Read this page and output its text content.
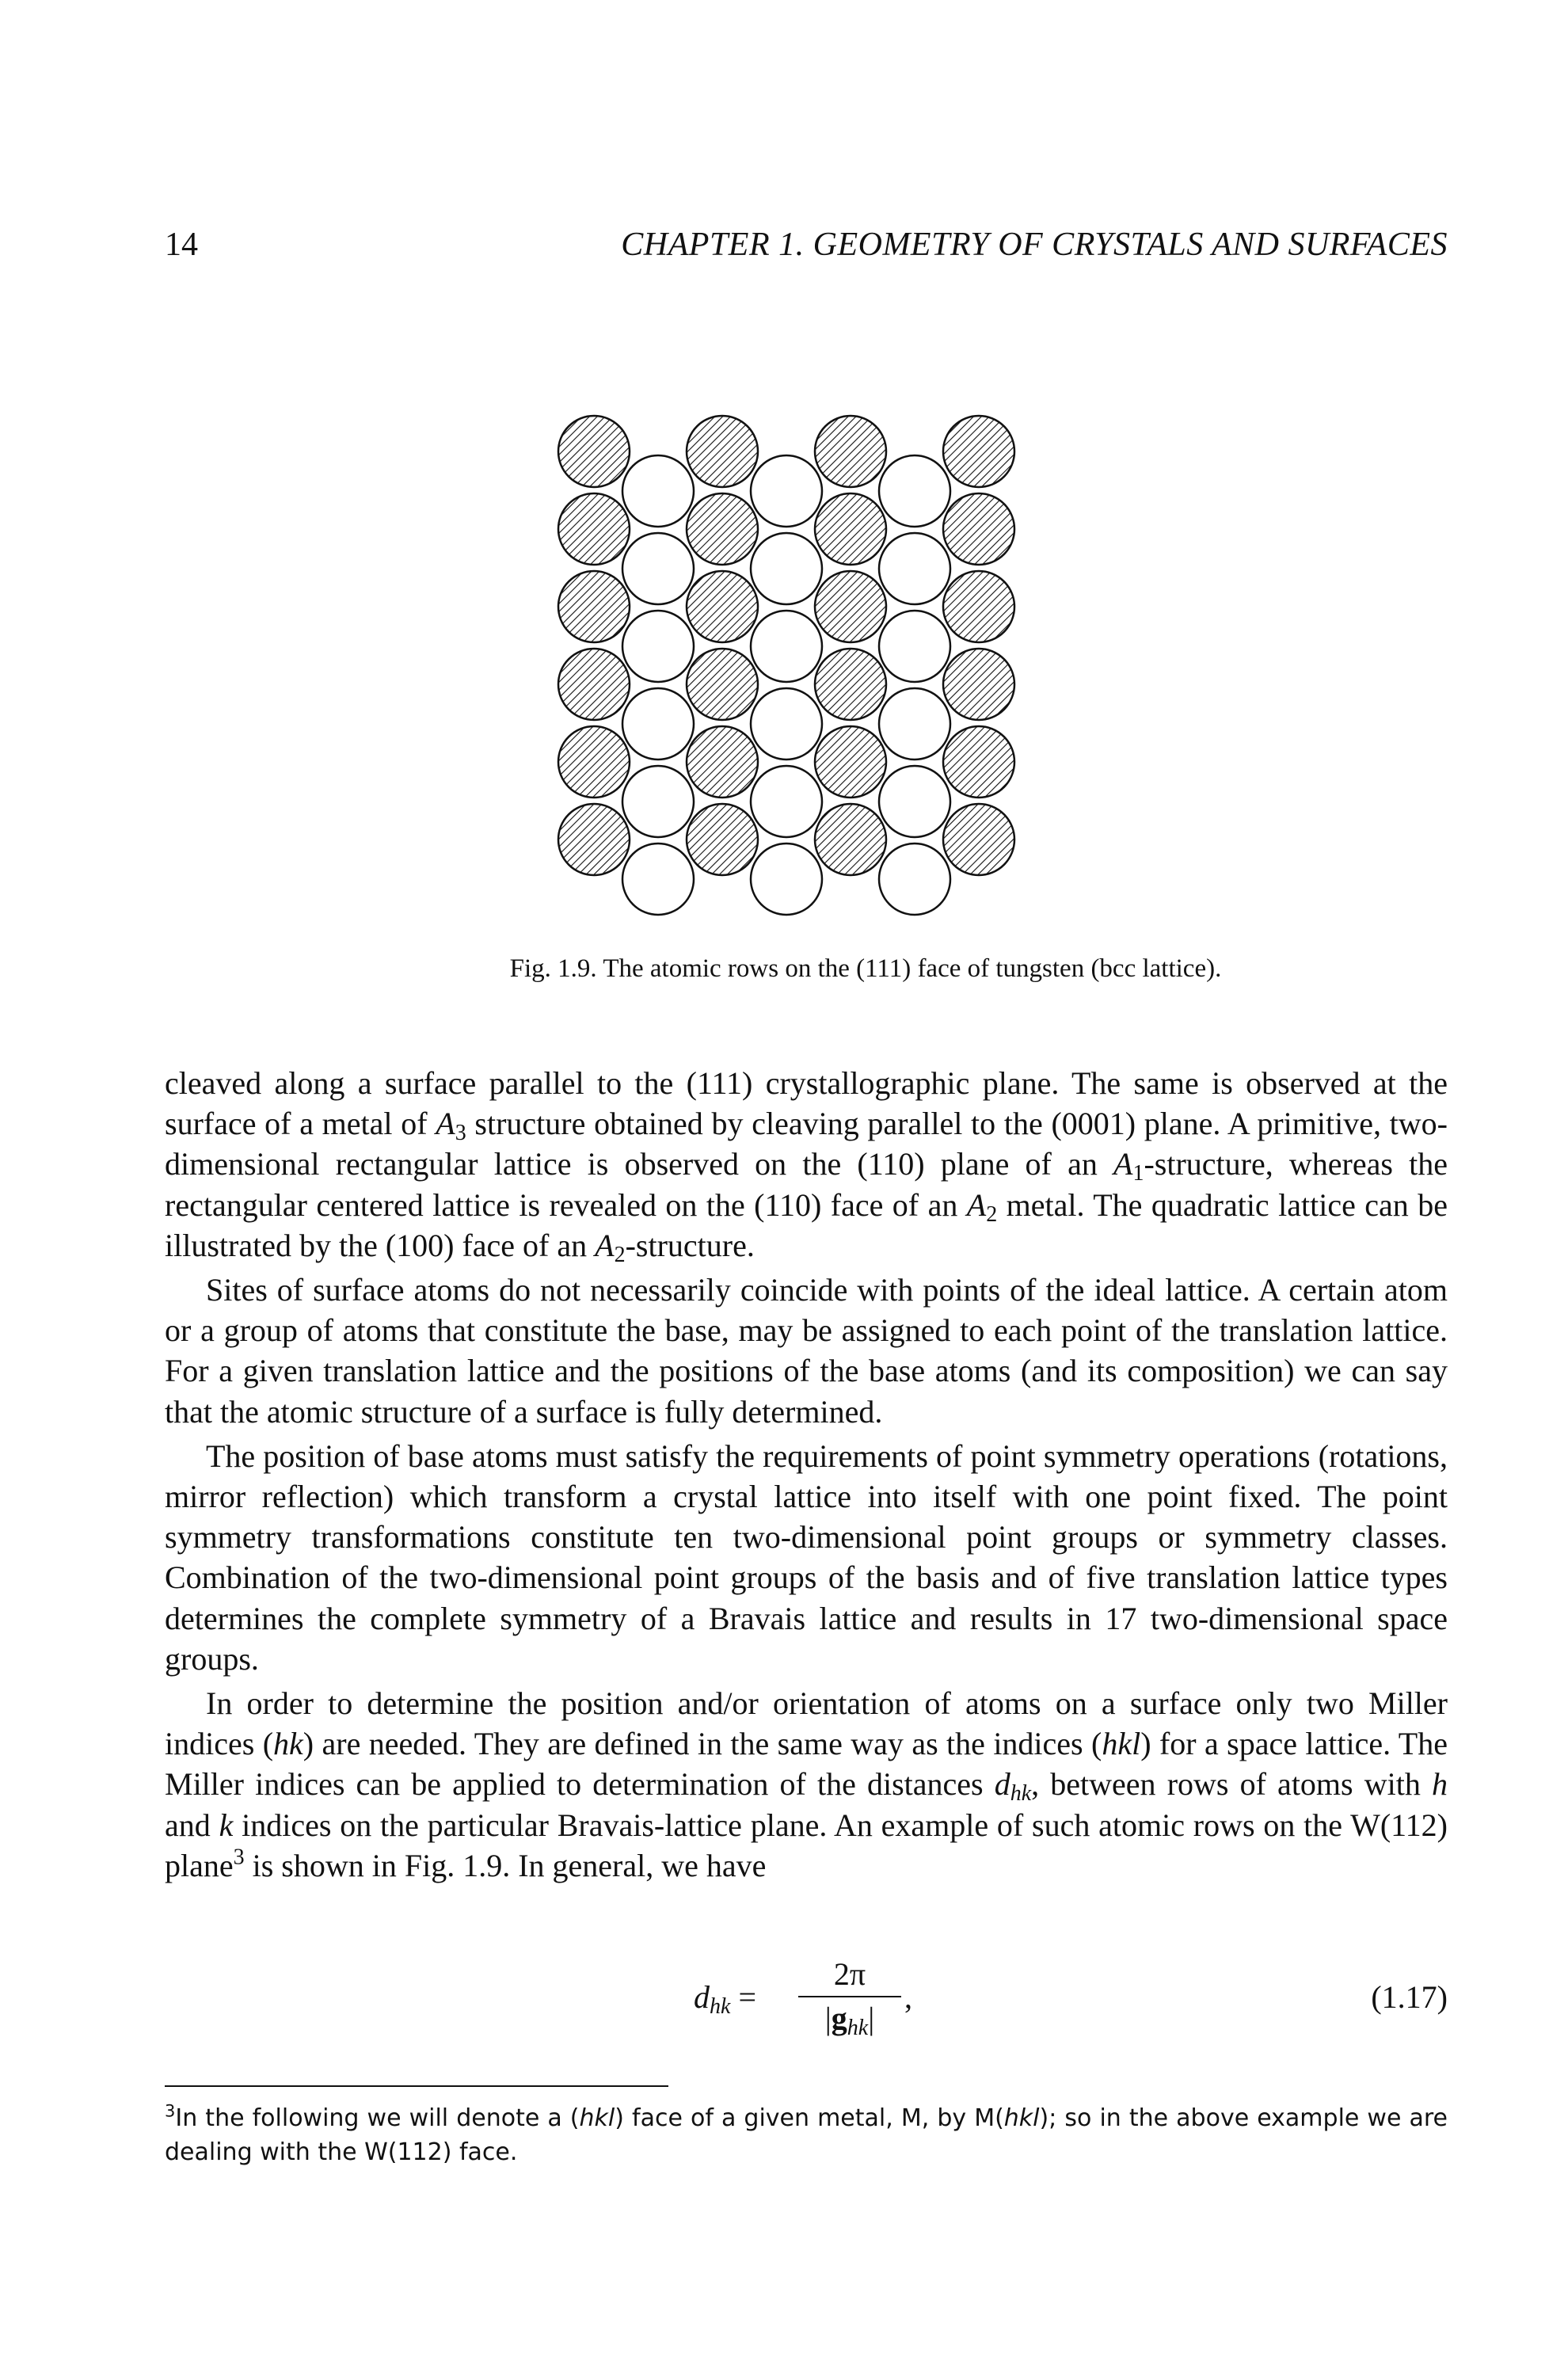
14	CHAPTER 1. GEOMETRY OF CRYSTALS AND SURFACES
Fig. 1.9. The atomic rows on the (111) face of tungsten (bcc lattice).

cleaved along a surface parallel to the (111) crystallographic plane. The same is observed at the surface of a metal of $A_3$ structure obtained by cleaving parallel to the (0001) plane. A primitive, two-dimensional rectangular lattice is observed on the (110) plane of an $A_1$-structure, whereas the rectangular centered lattice is revealed on the (110) face of an $A_2$ metal. The quadratic lattice can be illustrated by the (100) face of an $A_2$-structure.

Sites of surface atoms do not necessarily coincide with points of the ideal lattice. A certain atom or a group of atoms that constitute the base, may be assigned to each point of the translation lattice. For a given translation lattice and the positions of the base atoms (and its composition) we can say that the atomic structure of a surface is fully determined.

The position of base atoms must satisfy the requirements of point symmetry operations (rotations, mirror reflection) which transform a crystal lattice into itself with one point fixed. The point symmetry transformations constitute ten two-dimensional point groups or symmetry classes. Combination of the two-dimensional point groups of the basis and of five translation lattice types determines the complete symmetry of a Bravais lattice and results in 17 two-dimensional space groups.

In order to determine the position and/or orientation of atoms on a surface only two Miller indices (hk) are needed. They are defined in the same way as the indices (hkl) for a space lattice. The Miller indices can be applied to determination of the distances $d_{hk}$, between rows of atoms with h and k indices on the particular Bravais-lattice plane. An example of such atomic rows on the W(112) plane$^3$ is shown in Fig. 1.9. In general, we have

$d_{hk}$ =
2π
$|g_{hk}|$
,	(1.17)

$^3$In the following we will denote a (hkl) face of a given metal, M, by M(hkl); so in the above example we are dealing with the W(112) face.
